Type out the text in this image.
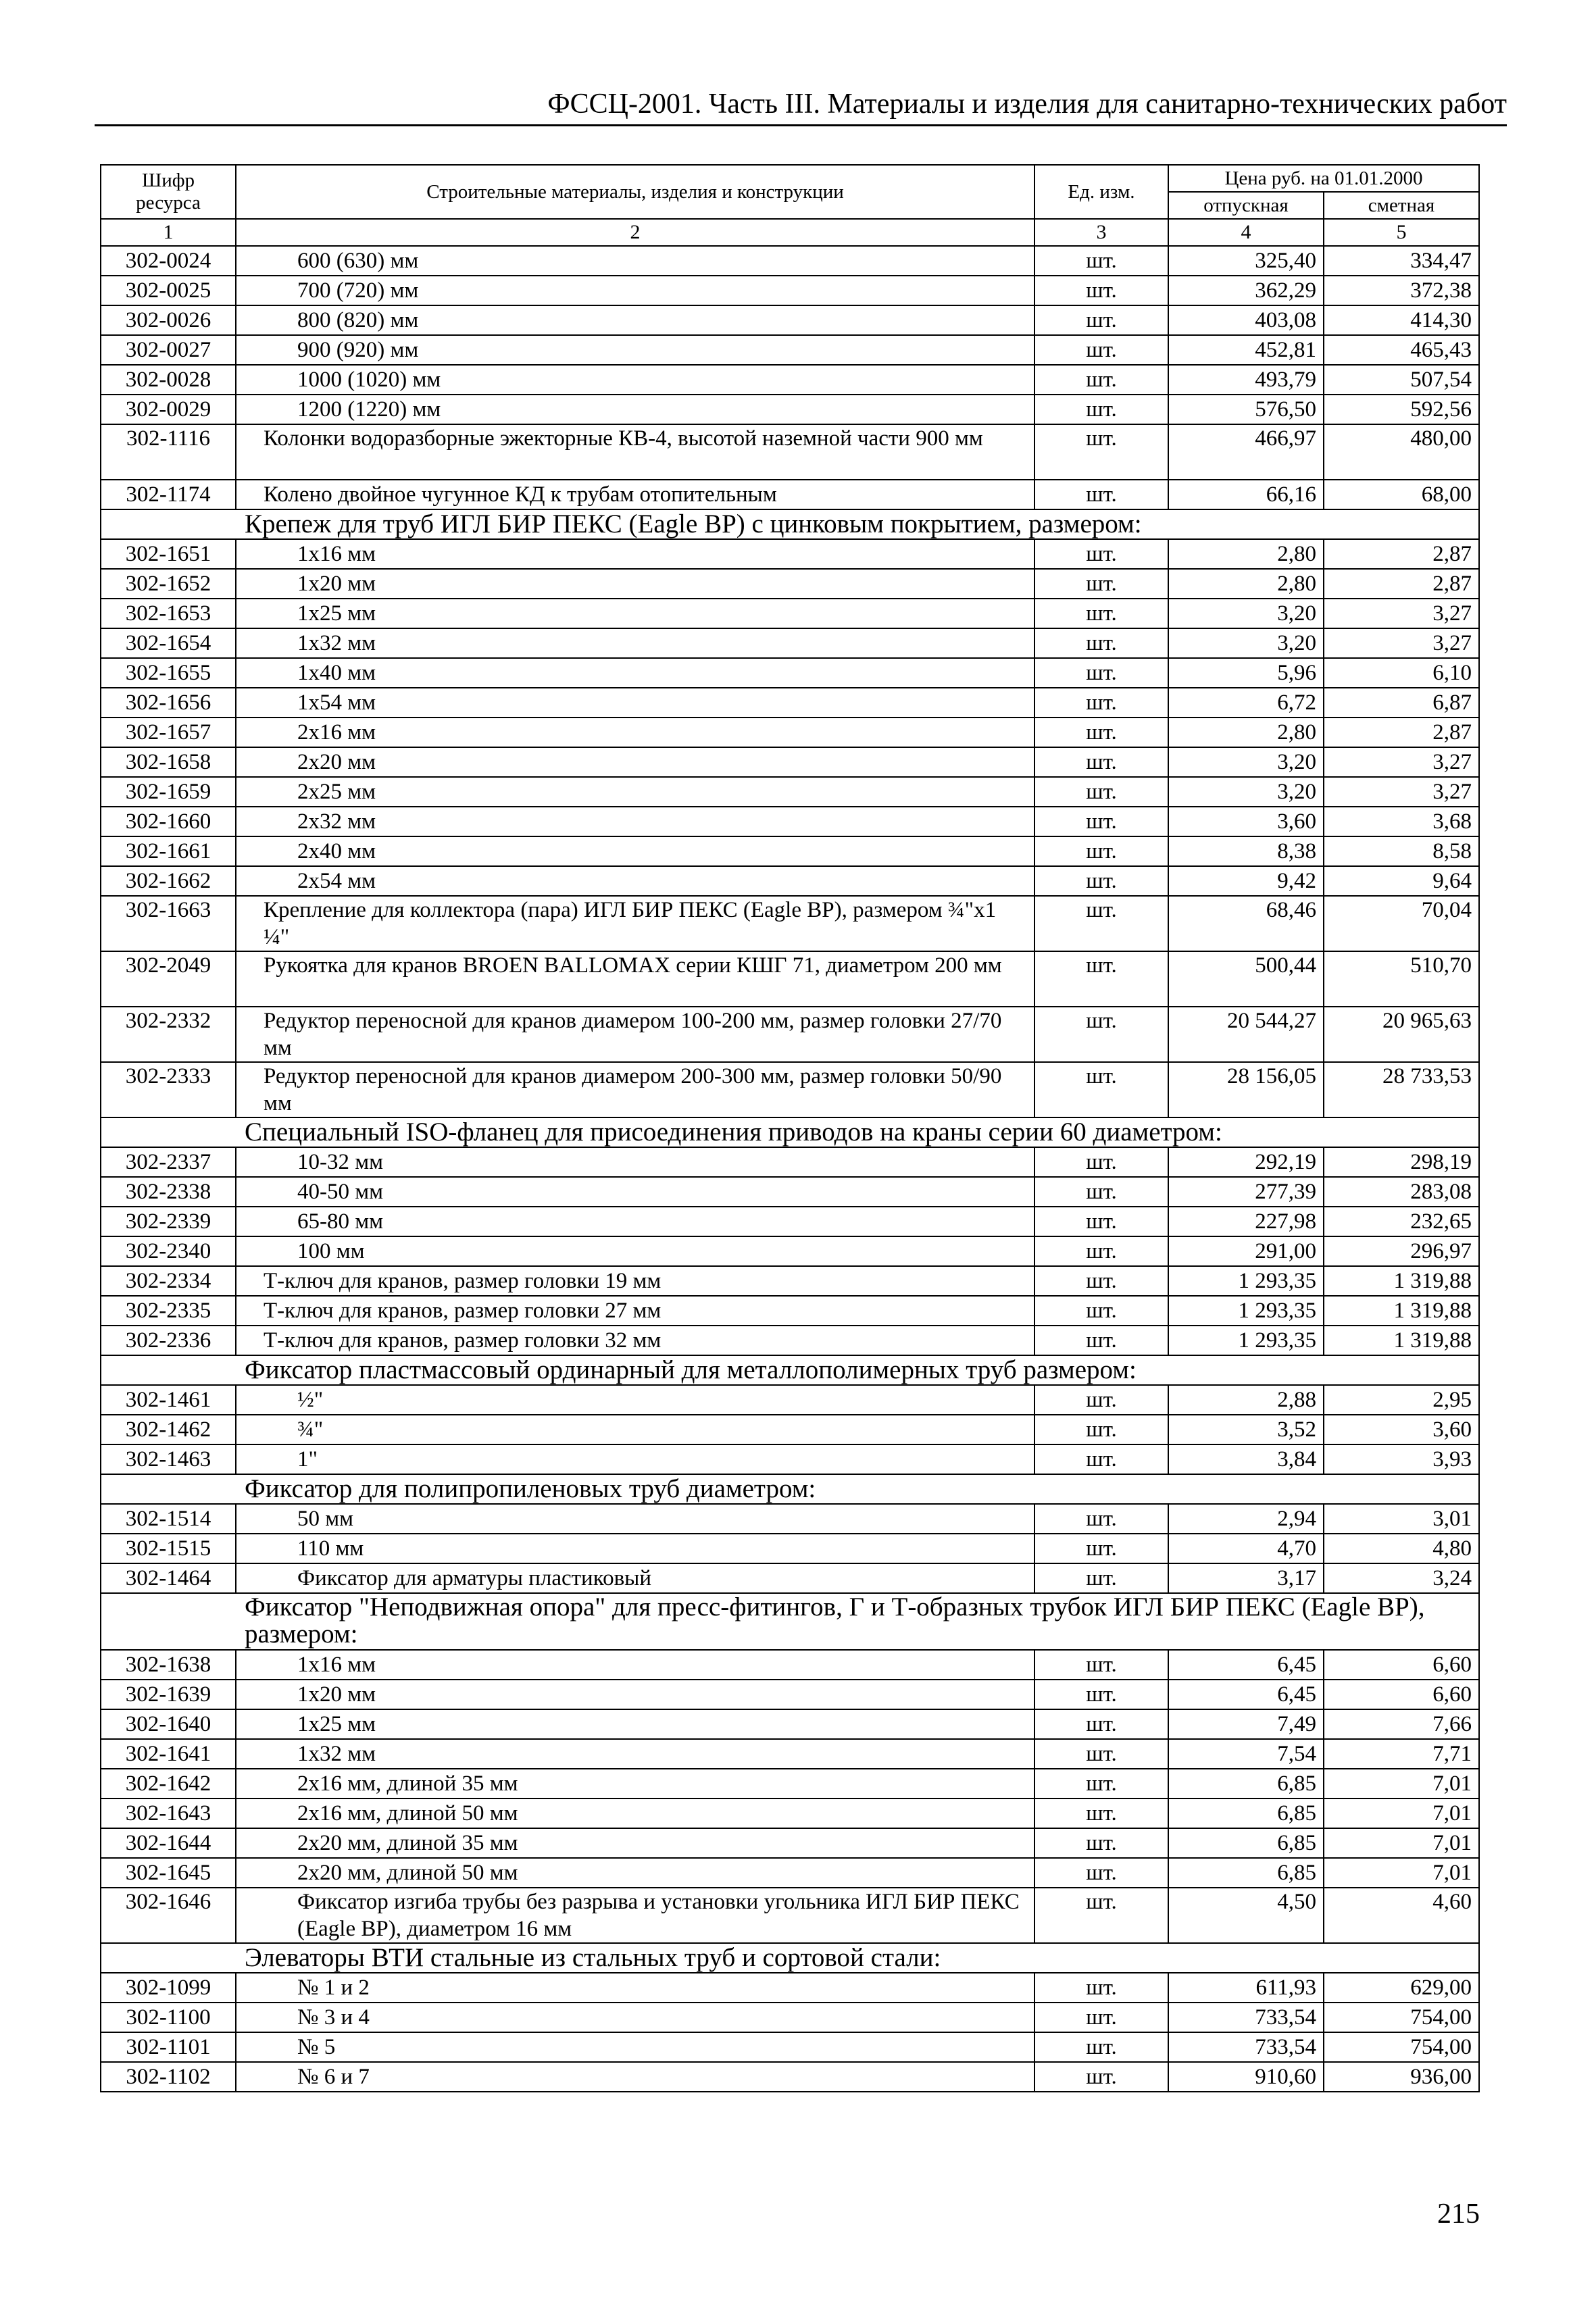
ФССЦ-2001. Часть III. Материалы и изделия для санитарно-технических работ
Шифр ресурса	Строительные материалы, изделия и конструкции	Ед. изм.	Цена руб. на 01.01.2000	
			отпускная	сметная
1	2	3	4	5
302-0024	600 (630) мм	шт.	325,40	334,47
302-0025	700 (720) мм	шт.	362,29	372,38
302-0026	800 (820) мм	шт.	403,08	414,30
302-0027	900 (920) мм	шт.	452,81	465,43
302-0028	1000 (1020) мм	шт.	493,79	507,54
302-0029	1200 (1220) мм	шт.	576,50	592,56
302-1116	Колонки водоразборные эжекторные КВ-4, высотой наземной части 900 мм	шт.	466,97	480,00
302-1174	Колено двойное чугунное КД к трубам отопительным	шт.	66,16	68,00
Крепеж для труб ИГЛ БИР ПЕКС (Eagle BP) с цинковым покрытием, размером:				
302-1651	1x16 мм	шт.	2,80	2,87
302-1652	1x20 мм	шт.	2,80	2,87
302-1653	1x25 мм	шт.	3,20	3,27
302-1654	1x32 мм	шт.	3,20	3,27
302-1655	1x40 мм	шт.	5,96	6,10
302-1656	1x54 мм	шт.	6,72	6,87
302-1657	2x16 мм	шт.	2,80	2,87
302-1658	2x20 мм	шт.	3,20	3,27
302-1659	2x25 мм	шт.	3,20	3,27
302-1660	2x32 мм	шт.	3,60	3,68
302-1661	2x40 мм	шт.	8,38	8,58
302-1662	2x54 мм	шт.	9,42	9,64
302-1663	Крепление для коллектора (пара) ИГЛ БИР ПЕКС (Eagle BP), размером ¾"x1 ¼"	шт.	68,46	70,04
302-2049	Рукоятка для кранов BROEN BALLOMAX серии КШГ 71, диаметром 200 мм	шт.	500,44	510,70
302-2332	Редуктор переносной для кранов диамером 100-200 мм, размер головки 27/70 мм	шт.	20 544,27	20 965,63
302-2333	Редуктор переносной для кранов диамером 200-300 мм, размер головки 50/90 мм	шт.	28 156,05	28 733,53
Специальный ISO-фланец для присоединения приводов на краны серии 60 диаметром:				
302-2337	10-32 мм	шт.	292,19	298,19
302-2338	40-50 мм	шт.	277,39	283,08
302-2339	65-80 мм	шт.	227,98	232,65
302-2340	100 мм	шт.	291,00	296,97
302-2334	Т-ключ для кранов, размер головки 19 мм	шт.	1 293,35	1 319,88
302-2335	Т-ключ для кранов, размер головки 27 мм	шт.	1 293,35	1 319,88
302-2336	Т-ключ для кранов, размер головки 32 мм	шт.	1 293,35	1 319,88
Фиксатор пластмассовый ординарный для металлополимерных труб размером:				
302-1461	½"	шт.	2,88	2,95
302-1462	¾"	шт.	3,52	3,60
302-1463	1"	шт.	3,84	3,93
Фиксатор для полипропиленовых труб диаметром:				
302-1514	50 мм	шт.	2,94	3,01
302-1515	110 мм	шт.	4,70	4,80
302-1464	Фиксатор для арматуры пластиковый	шт.	3,17	3,24
Фиксатор "Неподвижная опора" для пресс-фитингов, Г и Т-образных трубок ИГЛ БИР ПЕКС (Eagle BP), размером:				
302-1638	1x16 мм	шт.	6,45	6,60
302-1639	1x20 мм	шт.	6,45	6,60
302-1640	1x25 мм	шт.	7,49	7,66
302-1641	1x32 мм	шт.	7,54	7,71
302-1642	2x16 мм, длиной 35 мм	шт.	6,85	7,01
302-1643	2x16 мм, длиной 50 мм	шт.	6,85	7,01
302-1644	2x20 мм, длиной 35 мм	шт.	6,85	7,01
302-1645	2x20 мм, длиной 50 мм	шт.	6,85	7,01
302-1646	Фиксатор изгиба трубы без разрыва и установки угольника ИГЛ БИР ПЕКС (Eagle BP), диаметром 16 мм	шт.	4,50	4,60
Элеваторы ВТИ стальные из стальных труб и сортовой стали:				
302-1099	№ 1 и 2	шт.	611,93	629,00
302-1100	№ 3 и 4	шт.	733,54	754,00
302-1101	№ 5	шт.	733,54	754,00
302-1102	№ 6 и 7	шт.	910,60	936,00
215
